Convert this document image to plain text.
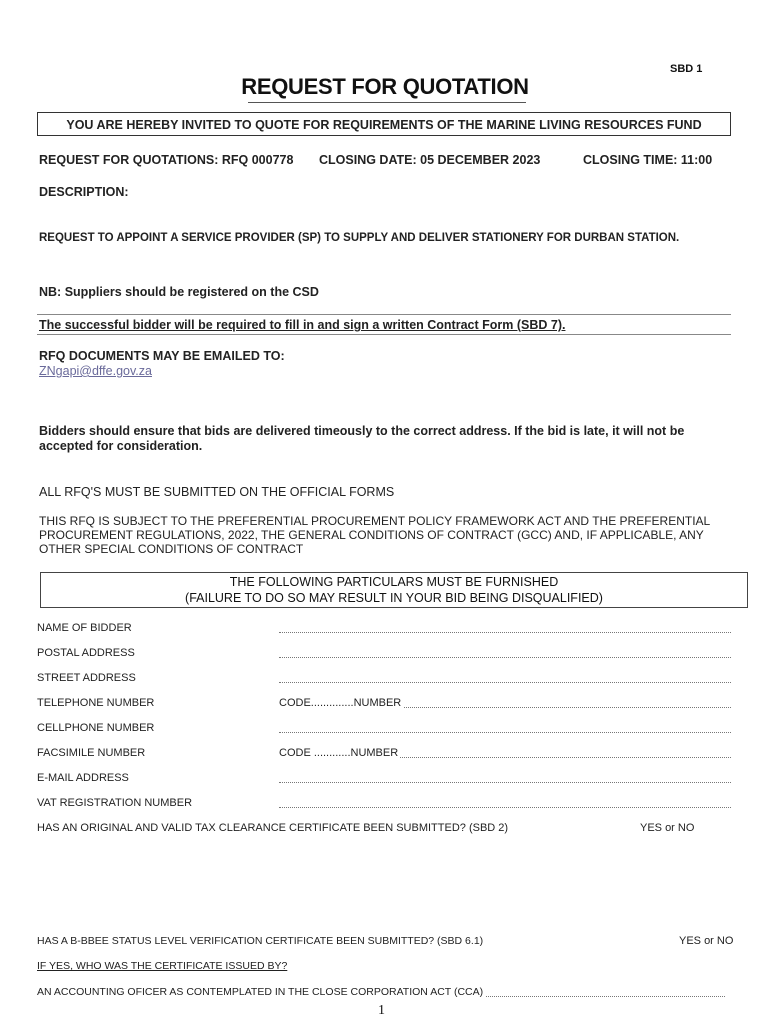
SBD 1
REQUEST FOR QUOTATION
YOU ARE HEREBY INVITED TO QUOTE FOR REQUIREMENTS OF THE MARINE LIVING RESOURCES FUND
REQUEST FOR QUOTATIONS: RFQ 000778 CLOSING DATE: 05 DECEMBER 2023	CLOSING TIME: 11:00
DESCRIPTION:
REQUEST TO APPOINT A SERVICE PROVIDER (SP) TO SUPPLY AND DELIVER STATIONERY FOR DURBAN STATION.
NB: Suppliers should be registered on the CSD
The successful bidder will be required to fill in and sign a written Contract Form (SBD 7).
RFQ DOCUMENTS MAY BE EMAILED TO:
ZNgapi@dffe.gov.za
Bidders should ensure that bids are delivered timeously to the correct address. If the bid is late, it will not be accepted for consideration.
ALL RFQ'S MUST BE SUBMITTED ON THE OFFICIAL FORMS
THIS RFQ IS SUBJECT TO THE PREFERENTIAL PROCUREMENT POLICY FRAMEWORK ACT AND THE PREFERENTIAL PROCUREMENT REGULATIONS, 2022, THE GENERAL CONDITIONS OF CONTRACT (GCC) AND, IF APPLICABLE, ANY OTHER SPECIAL CONDITIONS OF CONTRACT
THE FOLLOWING PARTICULARS MUST BE FURNISHED
(FAILURE TO DO SO MAY RESULT IN YOUR BID BEING DISQUALIFIED)
NAME OF BIDDER
POSTAL ADDRESS
STREET ADDRESS
TELEPHONE NUMBER	CODE..............NUMBER
CELLPHONE NUMBER
FACSIMILE NUMBER	CODE ............NUMBER
E-MAIL ADDRESS
VAT REGISTRATION NUMBER
HAS AN ORIGINAL AND VALID TAX CLEARANCE CERTIFICATE BEEN SUBMITTED? (SBD 2)	YES or NO
HAS A B-BBEE STATUS LEVEL VERIFICATION CERTIFICATE BEEN SUBMITTED? (SBD 6.1)	YES or NO
IF YES, WHO WAS THE CERTIFICATE ISSUED BY?
AN ACCOUNTING OFICER AS CONTEMPLATED IN THE CLOSE CORPORATION ACT (CCA)
1
